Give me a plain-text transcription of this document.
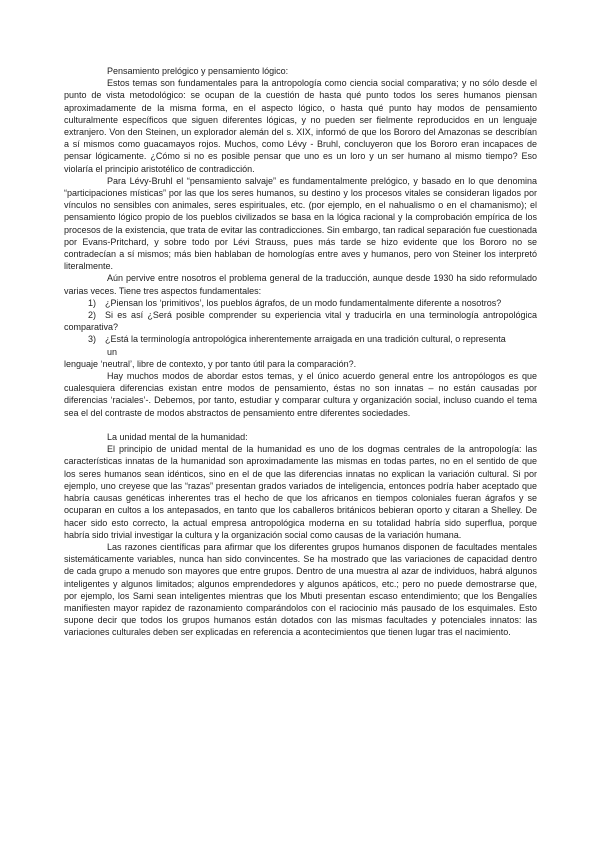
Pensamiento prelógico y pensamiento lógico:

Estos temas son fundamentales para la antropología como ciencia social comparativa; y no sólo desde el punto de vista metodológico: se ocupan de la cuestión de hasta qué punto todos los seres humanos piensan aproximadamente de la misma forma, en el aspecto lógico, o hasta qué punto hay modos de pensamiento culturalmente específicos que siguen diferentes lógicas, y no pueden ser fielmente reproducidos en un lenguaje extranjero. Von den Steinen, un explorador alemán del s. XIX, informó de que los Bororo del Amazonas se describían a sí mismos como guacamayos rojos. Muchos, como Lévy - Bruhl, concluyeron que los Bororo eran incapaces de pensar lógicamente. ¿Cómo si no es posible pensar que uno es un loro y un ser humano al mismo tiempo? Eso violaría el principio aristotélico de contradicción.

Para Lévy-Bruhl el “pensamiento salvaje” es fundamentalmente prelógico, y basado en lo que denomina “participaciones místicas” por las que los seres humanos, su destino y los procesos vitales se consideran ligados por vínculos no sensibles con animales, seres espirituales, etc. (por ejemplo, en el nahualismo o en el chamanismo); el pensamiento lógico propio de los pueblos civilizados se basa en la lógica racional y la comprobación empírica de los procesos de la existencia, que trata de evitar las contradicciones. Sin embargo, tan radical separación fue cuestionada por Evans-Pritchard, y sobre todo por Lévi Strauss, pues más tarde se hizo evidente que los Bororo no se contradecían a sí mismos; más bien hablaban de homologías entre aves y humanos, pero von Steiner los interpretó literalmente.

Aún pervive entre nosotros el problema general de la traducción, aunque desde 1930 ha sido reformulado varias veces. Tiene tres aspectos fundamentales:

1) ¿Piensan los ‘primitivos’, los pueblos ágrafos, de un modo fundamentalmente diferente a nosotros?
2) Si es así ¿Será posible comprender su experiencia vital y traducirla en una terminología antropológica comparativa?
3) ¿Está la terminología antropológica inherentemente arraigada en una tradición cultural, o representa

un

lenguaje ‘neutral’, libre de contexto, y por tanto útil para la comparación?.

Hay muchos modos de abordar estos temas, y el único acuerdo general entre los antropólogos es que cualesquiera diferencias existan entre modos de pensamiento, éstas no son innatas – no están causadas por diferencias ‘raciales’-. Debemos, por tanto, estudiar y comparar cultura y organización social, incluso cuando el tema sea el del contraste de modos abstractos de pensamiento entre diferentes sociedades.

La unidad mental de la humanidad:

El principio de unidad mental de la humanidad es uno de los dogmas centrales de la antropología: las características innatas de la humanidad son aproximadamente las mismas en todas partes, no en el sentido de que los seres humanos sean idénticos, sino en el de que las diferencias innatas no explican la variación cultural. Si por ejemplo, uno creyese que las “razas” presentan grados variados de inteligencia, entonces podría haber aceptado que habría causas genéticas inherentes tras el hecho de que los africanos en tiempos coloniales fueran ágrafos y se ocuparan en cultos a los antepasados, en tanto que los caballeros británicos bebieran oporto y citaran a Shelley. De hacer sido esto correcto, la actual empresa antropológica moderna en su totalidad habría sido superflua, porque habría sido trivial investigar la cultura y la organización social como causas de la variación humana.

Las razones científicas para afirmar que los diferentes grupos humanos disponen de facultades mentales sistemáticamente variables, nunca han sido convincentes. Se ha mostrado que las variaciones de capacidad dentro de cada grupo a menudo son mayores que entre grupos. Dentro de una muestra al azar de individuos, habrá algunos inteligentes y algunos limitados; algunos emprendedores y algunos apáticos, etc.; pero no puede demostrarse que, por ejemplo, los Sami sean inteligentes mientras que los Mbuti presentan escaso entendimiento; que los Bengalíes manifiesten mayor rapidez de razonamiento comparándolos con el raciocinio más pausado de los esquimales. Esto supone decir que todos los grupos humanos están dotados con las mismas facultades y potenciales innatos: las variaciones culturales deben ser explicadas en referencia a acontecimientos que tienen lugar tras el nacimiento.
